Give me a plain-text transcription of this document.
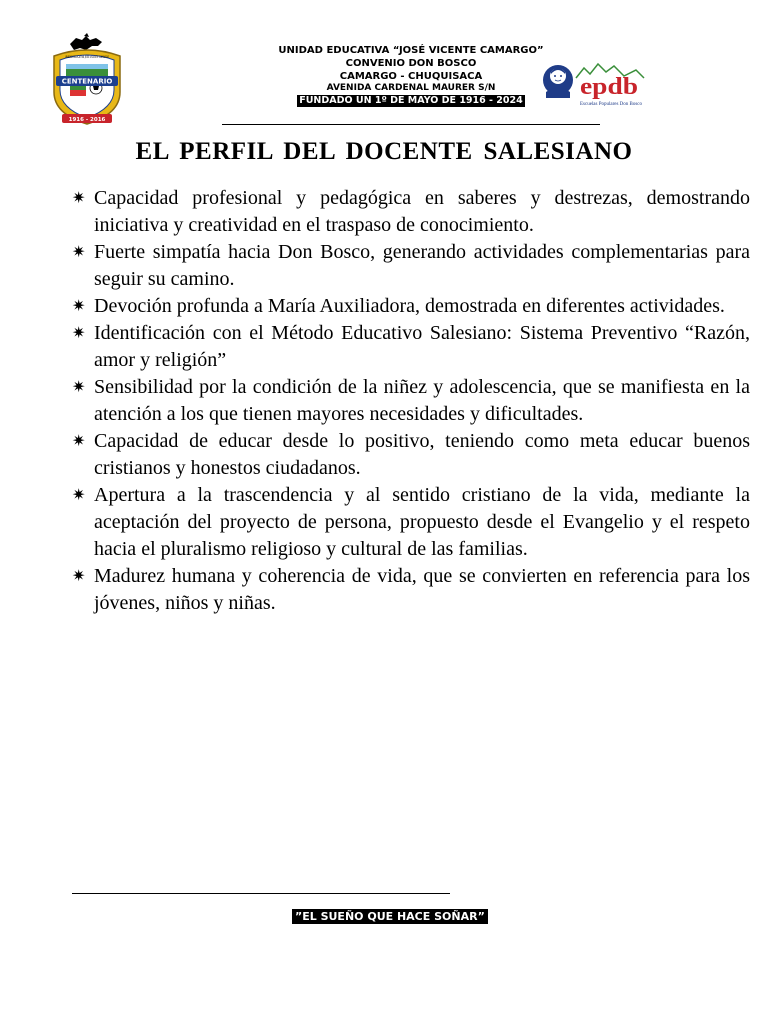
UNIDAD EDUCATIVA JOSÉ VICENTE CAMARGO
CENTENARIO
1916 - 2016
UNIDAD EDUCATIVA “JOSÉ VICENTE CAMARGO”
CONVENIO DON BOSCO
CAMARGO - CHUQUISACA
AVENIDA CARDENAL MAURER S/N
FUNDADO UN 1º DE MAYO DE 1916 - 2024
epdb
Escuelas Populares Don Bosco
EL PERFIL DEL DOCENTE SALESIANO
✷ Capacidad profesional y pedagógica en saberes y destrezas, demostrando iniciativa y creatividad en el traspaso de conocimiento.
✷ Fuerte simpatía hacia Don Bosco, generando actividades complementarias para seguir su camino.
✷ Devoción profunda a María Auxiliadora, demostrada en diferentes actividades.
✷ Identificación con el Método Educativo Salesiano: Sistema Preventivo “Razón, amor y religión”
✷ Sensibilidad por la condición de la niñez y adolescencia, que se manifiesta en la atención a los que tienen mayores necesidades y dificultades.
✷ Capacidad de educar desde lo positivo, teniendo como meta educar buenos cristianos y honestos ciudadanos.
✷ Apertura a la trascendencia y al sentido cristiano de la vida, mediante la aceptación del proyecto de persona, propuesto desde el Evangelio y el respeto hacia el pluralismo religioso y cultural de las familias.
✷ Madurez humana y coherencia de vida, que se convierten en referencia para los jóvenes, niños y niñas.
”EL SUEÑO QUE HACE SOÑAR”
